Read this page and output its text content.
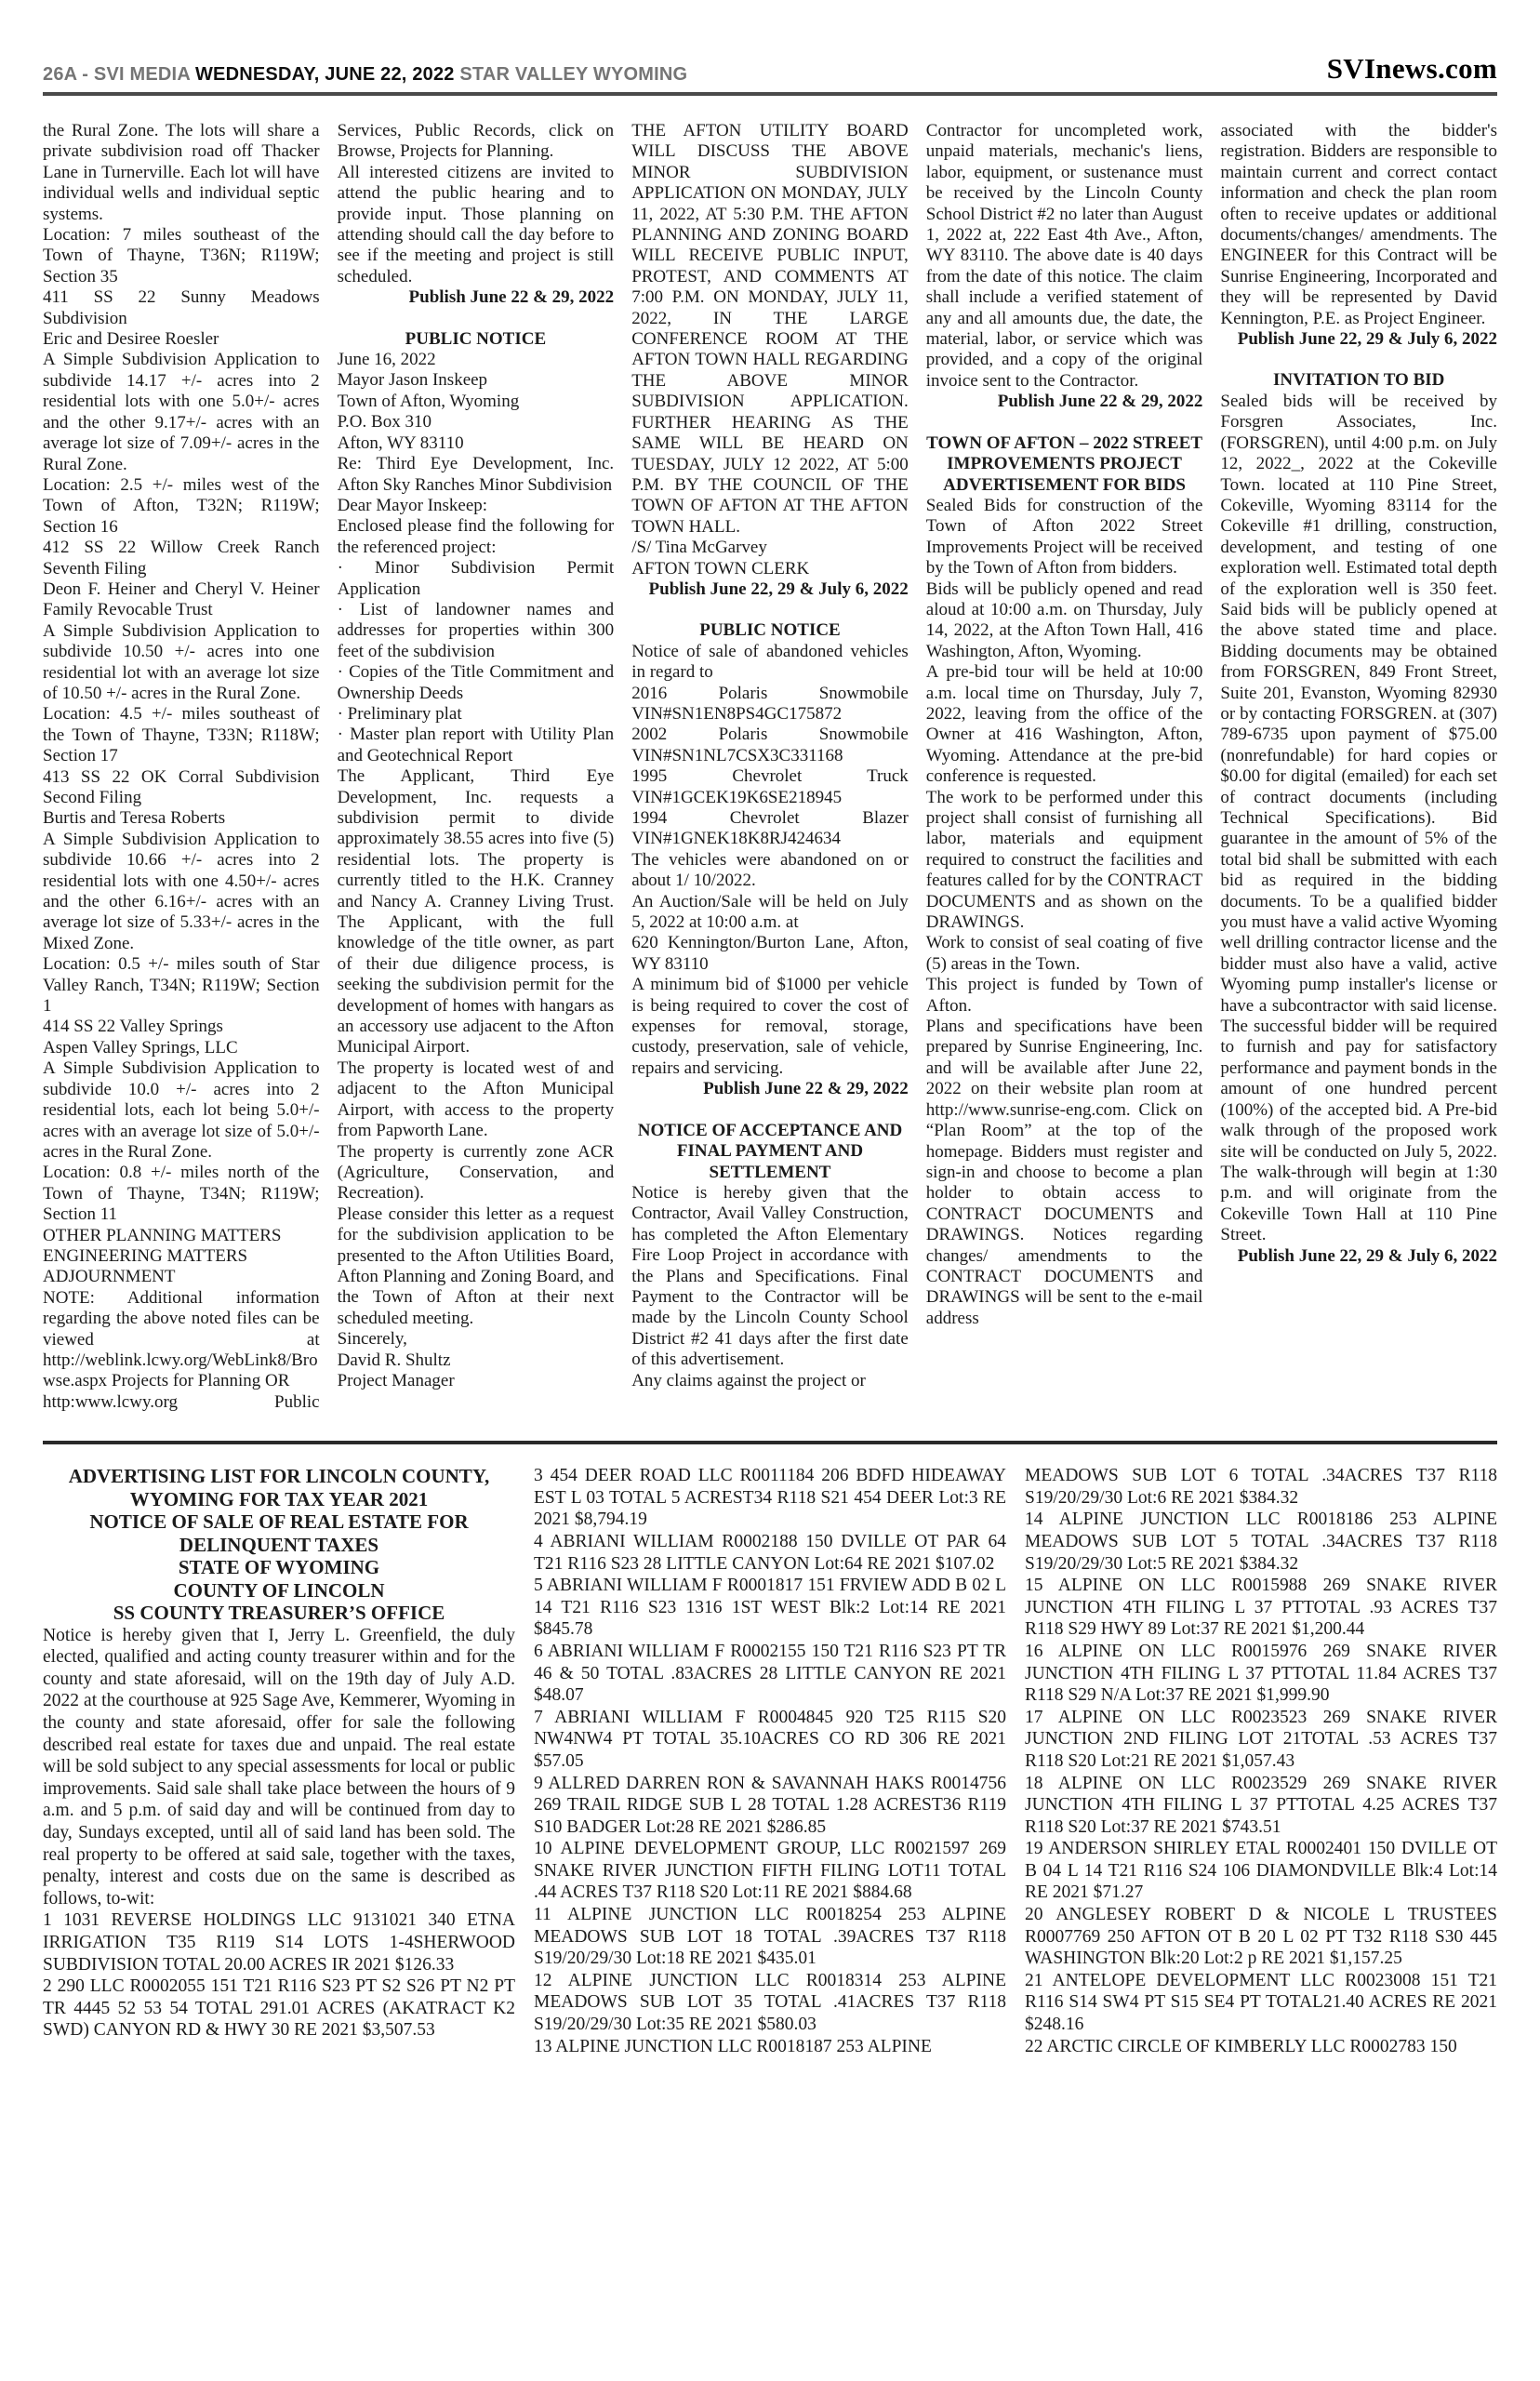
26A - SVI MEDIA WEDNESDAY, JUNE 22, 2022 STAR VALLEY WYOMING	SVInews.com

the Rural Zone. The lots will share a private subdivision road off Thacker Lane in Turnerville. Each lot will have individual wells and individual septic systems.

Location: 7 miles southeast of the Town of Thayne, T36N; R119W; Section 35

411 SS 22 Sunny Meadows Subdivision

Eric and Desiree Roesler

A Simple Subdivision Application to subdivide 14.17 +/- acres into 2 residential lots with one 5.0+/- acres and the other 9.17+/- acres with an average lot size of 7.09+/- acres in the Rural Zone.

Location: 2.5 +/- miles west of the Town of Afton, T32N; R119W; Section 16

412 SS 22 Willow Creek Ranch Seventh Filing

Deon F. Heiner and Cheryl V. Heiner Family Revocable Trust

A Simple Subdivision Application to subdivide 10.50 +/- acres into one residential lot with an average lot size of 10.50 +/- acres in the Rural Zone.

Location: 4.5 +/- miles southeast of the Town of Thayne, T33N; R118W; Section 17

413 SS 22 OK Corral Subdivision Second Filing

Burtis and Teresa Roberts

A Simple Subdivision Application to subdivide 10.66 +/- acres into 2 residential lots with one 4.50+/- acres and the other 6.16+/- acres with an average lot size of 5.33+/- acres in the Mixed Zone.

Location: 0.5 +/- miles south of Star Valley Ranch, T34N; R119W; Section 1

414 SS 22 Valley Springs

Aspen Valley Springs, LLC

A Simple Subdivision Application to subdivide 10.0 +/- acres into 2 residential lots, each lot being 5.0+/- acres with an average lot size of 5.0+/- acres in the Rural Zone.

Location: 0.8 +/- miles north of the Town of Thayne, T34N; R119W; Section 11

OTHER PLANNING MATTERS

ENGINEERING MATTERS

ADJOURNMENT

NOTE: Additional information regarding the above noted files can be viewed at http://weblink.lcwy.org/WebLink8/Browse.aspx Projects for Planning OR

http:www.lcwy.org	Public

Services, Public Records, click on Browse, Projects for Planning.

All interested citizens are invited to attend the public hearing and to provide input. Those planning on attending should call the day before to see if the meeting and project is still scheduled.

Publish June 22 & 29, 2022

PUBLIC NOTICE

June 16, 2022

Mayor Jason Inskeep

Town of Afton, Wyoming

P.O. Box 310

Afton, WY 83110

Re: Third Eye Development, Inc. Afton Sky Ranches Minor Subdivision

Dear Mayor Inskeep:

Enclosed please find the following for the referenced project:

· Minor Subdivision Permit Application

· List of landowner names and addresses for properties within 300 feet of the subdivision

· Copies of the Title Commitment and Ownership Deeds

· Preliminary plat

· Master plan report with Utility Plan and Geotechnical Report

The Applicant, Third Eye Development, Inc. requests a subdivision permit to divide approximately 38.55 acres into five (5) residential lots. The property is currently titled to the H.K. Cranney and Nancy A. Cranney Living Trust. The Applicant, with the full knowledge of the title owner, as part of their due diligence process, is seeking the subdivision permit for the development of homes with hangars as an accessory use adjacent to the Afton Municipal Airport.

The property is located west of and adjacent to the Afton Municipal Airport, with access to the property from Papworth Lane.

The property is currently zone ACR (Agriculture, Conservation, and Recreation).

Please consider this letter as a request for the subdivision application to be presented to the Afton Utilities Board, Afton Planning and Zoning Board, and the Town of Afton at their next scheduled meeting.

Sincerely,

David R. Shultz

Project Manager

THE AFTON UTILITY BOARD WILL DISCUSS THE ABOVE MINOR SUBDIVISION APPLICATION ON MONDAY, JULY 11, 2022, AT 5:30 P.M. THE AFTON PLANNING AND ZONING BOARD WILL RECEIVE PUBLIC INPUT, PROTEST, AND COMMENTS AT 7:00 P.M. ON MONDAY, JULY 11, 2022, IN THE LARGE CONFERENCE ROOM AT THE AFTON TOWN HALL REGARDING THE ABOVE MINOR SUBDIVISION APPLICATION. FURTHER HEARING AS THE SAME WILL BE HEARD ON TUESDAY, JULY 12 2022, AT 5:00 P.M. BY THE COUNCIL OF THE TOWN OF AFTON AT THE AFTON TOWN HALL.

/S/ Tina McGarvey

AFTON TOWN CLERK

Publish June 22, 29 & July 6, 2022

PUBLIC NOTICE

Notice of sale of abandoned vehicles in regard to

2016 Polaris Snowmobile VIN#SN1EN8PS4GC175872

2002 Polaris Snowmobile VIN#SN1NL7CSX3C331168

1995 Chevrolet Truck VIN#1GCEK19K6SE218945

1994 Chevrolet Blazer VIN#1GNEK18K8RJ424634

The vehicles were abandoned on or about 1/ 10/2022.

An Auction/Sale will be held on July 5, 2022 at 10:00 a.m. at

620 Kennington/Burton Lane, Afton, WY 83110

A minimum bid of $1000 per vehicle is being required to cover the cost of expenses for removal, storage, custody, preservation, sale of vehicle, repairs and servicing.

Publish June 22 & 29, 2022

NOTICE OF ACCEPTANCE AND FINAL PAYMENT AND SETTLEMENT

Notice is hereby given that the Contractor, Avail Valley Construction, has completed the Afton Elementary Fire Loop Project in accordance with the Plans and Specifications. Final Payment to the Contractor will be made by the Lincoln County School District #2 41 days after the first date of this advertisement.

Any claims against the project or

Contractor for uncompleted work, unpaid materials, mechanic's liens, labor, equipment, or sustenance must be received by the Lincoln County School District #2 no later than August 1, 2022 at, 222 East 4th Ave., Afton, WY 83110. The above date is 40 days from the date of this notice. The claim shall include a verified statement of any and all amounts due, the date, the material, labor, or service which was provided, and a copy of the original invoice sent to the Contractor.

Publish June 22 & 29, 2022

TOWN OF AFTON – 2022 STREET IMPROVEMENTS PROJECT ADVERTISEMENT FOR BIDS

Sealed Bids for construction of the Town of Afton 2022 Street Improvements Project will be received by the Town of Afton from bidders.

Bids will be publicly opened and read aloud at 10:00 a.m. on Thursday, July 14, 2022, at the Afton Town Hall, 416 Washington, Afton, Wyoming.

A pre-bid tour will be held at 10:00 a.m. local time on Thursday, July 7, 2022, leaving from the office of the Owner at 416 Washington, Afton, Wyoming. Attendance at the pre-bid conference is requested.

The work to be performed under this project shall consist of furnishing all labor, materials and equipment required to construct the facilities and features called for by the CONTRACT DOCUMENTS and as shown on the DRAWINGS.

Work to consist of seal coating of five (5) areas in the Town.

This project is funded by Town of Afton.

Plans and specifications have been prepared by Sunrise Engineering, Inc. and will be available after June 22, 2022 on their website plan room at http://www.sunrise-eng.com. Click on “Plan Room” at the top of the homepage. Bidders must register and sign-in and choose to become a plan holder to obtain access to CONTRACT DOCUMENTS and DRAWINGS. Notices regarding changes/ amendments to the CONTRACT DOCUMENTS and DRAWINGS will be sent to the e-mail address

associated with the bidder's registration. Bidders are responsible to maintain current and correct contact information and check the plan room often to receive updates or additional documents/changes/ amendments. The ENGINEER for this Contract will be Sunrise Engineering, Incorporated and they will be represented by David Kennington, P.E. as Project Engineer.

Publish June 22, 29 & July 6, 2022

INVITATION TO BID

Sealed bids will be received by Forsgren Associates, Inc. (FORSGREN), until 4:00 p.m. on July 12, 2022_, 2022 at the Cokeville Town. located at 110 Pine Street, Cokeville, Wyoming 83114 for the Cokeville #1 drilling, construction, development, and testing of one exploration well. Estimated total depth of the exploration well is 350 feet. Said bids will be publicly opened at the above stated time and place. Bidding documents may be obtained from FORSGREN, 849 Front Street, Suite 201, Evanston, Wyoming 82930 or by contacting FORSGREN. at (307) 789-6735 upon payment of $75.00 (nonrefundable) for hard copies or $0.00 for digital (emailed) for each set of contract documents (including Technical Specifications). Bid guarantee in the amount of 5% of the total bid shall be submitted with each bid as required in the bidding documents. To be a qualified bidder you must have a valid active Wyoming well drilling contractor license and the bidder must also have a valid, active Wyoming pump installer's license or have a subcontractor with said license. The successful bidder will be required to furnish and pay for satisfactory performance and payment bonds in the amount of one hundred percent (100%) of the accepted bid. A Pre-bid walk through of the proposed work site will be conducted on July 5, 2022. The walk-through will begin at 1:30 p.m. and will originate from the Cokeville Town Hall at 110 Pine Street.

Publish June 22, 29 & July 6, 2022

ADVERTISING LIST FOR LINCOLN COUNTY, WYOMING FOR TAX YEAR 2021

NOTICE OF SALE OF REAL ESTATE FOR DELINQUENT TAXES

STATE OF WYOMING

COUNTY OF LINCOLN

SS COUNTY TREASURER’S OFFICE

Notice is hereby given that I, Jerry L. Greenfield, the duly elected, qualified and acting county treasurer within and for the county and state aforesaid, will on the 19th day of July A.D. 2022 at the courthouse at 925 Sage Ave, Kemmerer, Wyoming in the county and state aforesaid, offer for sale the following described real estate for taxes due and unpaid. The real estate will be sold subject to any special assessments for local or public improvements. Said sale shall take place between the hours of 9 a.m. and 5 p.m. of said day and will be continued from day to day, Sundays excepted, until all of said land has been sold. The real property to be offered at said sale, together with the taxes, penalty, interest and costs due on the same is described as follows, to-wit:

1 1031 REVERSE HOLDINGS LLC 9131021 340 ETNA IRRIGATION T35 R119 S14 LOTS 1-4SHERWOOD SUBDIVISION TOTAL 20.00 ACRES IR 2021 $126.33

2 290 LLC R0002055 151 T21 R116 S23 PT S2 S26 PT N2 PT TR 4445 52 53 54 TOTAL 291.01 ACRES (AKATRACT K2 SWD) CANYON RD & HWY 30 RE 2021 $3,507.53

3 454 DEER ROAD LLC R0011184 206 BDFD HIDEAWAY EST L 03 TOTAL 5 ACREST34 R118 S21 454 DEER Lot:3 RE 2021 $8,794.19

4 ABRIANI WILLIAM R0002188 150 DVILLE OT PAR 64 T21 R116 S23 28 LITTLE CANYON Lot:64 RE 2021 $107.02

5 ABRIANI WILLIAM F R0001817 151 FRVIEW ADD B 02 L 14 T21 R116 S23 1316 1ST WEST Blk:2 Lot:14 RE 2021 $845.78

6 ABRIANI WILLIAM F R0002155 150 T21 R116 S23 PT TR 46 & 50 TOTAL .83ACRES 28 LITTLE CANYON RE 2021 $48.07

7 ABRIANI WILLIAM F R0004845 920 T25 R115 S20 NW4NW4 PT TOTAL 35.10ACRES CO RD 306 RE 2021 $57.05

9 ALLRED DARREN RON & SAVANNAH HAKS R0014756 269 TRAIL RIDGE SUB L 28 TOTAL 1.28 ACREST36 R119 S10 BADGER Lot:28 RE 2021 $286.85

10 ALPINE DEVELOPMENT GROUP, LLC R0021597 269 SNAKE RIVER JUNCTION FIFTH FILING LOT11 TOTAL .44 ACRES T37 R118 S20 Lot:11 RE 2021 $884.68

11 ALPINE JUNCTION LLC R0018254 253 ALPINE MEADOWS SUB LOT 18 TOTAL .39ACRES T37 R118 S19/20/29/30 Lot:18 RE 2021 $435.01

12 ALPINE JUNCTION LLC R0018314 253 ALPINE MEADOWS SUB LOT 35 TOTAL .41ACRES T37 R118 S19/20/29/30 Lot:35 RE 2021 $580.03

13 ALPINE JUNCTION LLC R0018187 253 ALPINE

MEADOWS SUB LOT 6 TOTAL .34ACRES T37 R118 S19/20/29/30 Lot:6 RE 2021 $384.32

14 ALPINE JUNCTION LLC R0018186 253 ALPINE MEADOWS SUB LOT 5 TOTAL .34ACRES T37 R118 S19/20/29/30 Lot:5 RE 2021 $384.32

15 ALPINE ON LLC R0015988 269 SNAKE RIVER JUNCTION 4TH FILING L 37 PTTOTAL .93 ACRES T37 R118 S29 HWY 89 Lot:37 RE 2021 $1,200.44

16 ALPINE ON LLC R0015976 269 SNAKE RIVER JUNCTION 4TH FILING L 37 PTTOTAL 11.84 ACRES T37 R118 S29 N/A Lot:37 RE 2021 $1,999.90

17 ALPINE ON LLC R0023523 269 SNAKE RIVER JUNCTION 2ND FILING LOT 21TOTAL .53 ACRES T37 R118 S20 Lot:21 RE 2021 $1,057.43

18 ALPINE ON LLC R0023529 269 SNAKE RIVER JUNCTION 4TH FILING L 37 PTTOTAL 4.25 ACRES T37 R118 S20 Lot:37 RE 2021 $743.51

19 ANDERSON SHIRLEY ETAL R0002401 150 DVILLE OT B 04 L 14 T21 R116 S24 106 DIAMONDVILLE Blk:4 Lot:14 RE 2021 $71.27

20 ANGLESEY ROBERT D & NICOLE L TRUSTEES R0007769 250 AFTON OT B 20 L 02 PT T32 R118 S30 445 WASHINGTON Blk:20 Lot:2 p RE 2021 $1,157.25

21 ANTELOPE DEVELOPMENT LLC R0023008 151 T21 R116 S14 SW4 PT S15 SE4 PT TOTAL21.40 ACRES RE 2021 $248.16

22 ARCTIC CIRCLE OF KIMBERLY LLC R0002783 150
